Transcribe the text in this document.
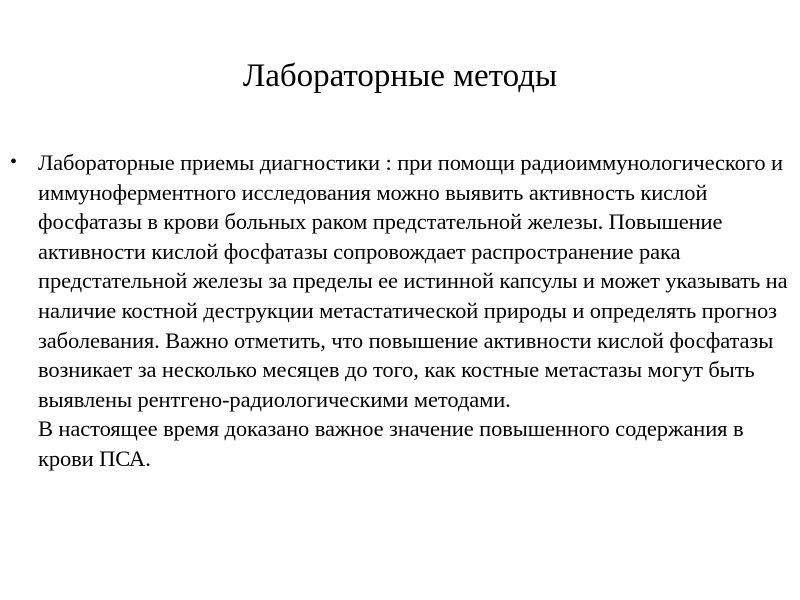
Лабораторные методы
• Лабораторные приемы диагностики : при помощи радиоиммунологического и иммуноферментного исследования можно выявить активность кислой фосфатазы в крови больных раком предстательной железы. Повышение активности кислой фосфатазы сопровождает распространение рака предстательной железы за пределы ее истинной капсулы и может указывать на наличие костной деструкции метастатической природы и определять прогноз заболевания. Важно отметить, что повышение активности кислой фосфатазы возникает за несколько месяцев до того, как костные метастазы могут быть выявлены рентгено-радиологическими методами.
В настоящее время доказано важное значение повышенного содержания в крови ПСА.
